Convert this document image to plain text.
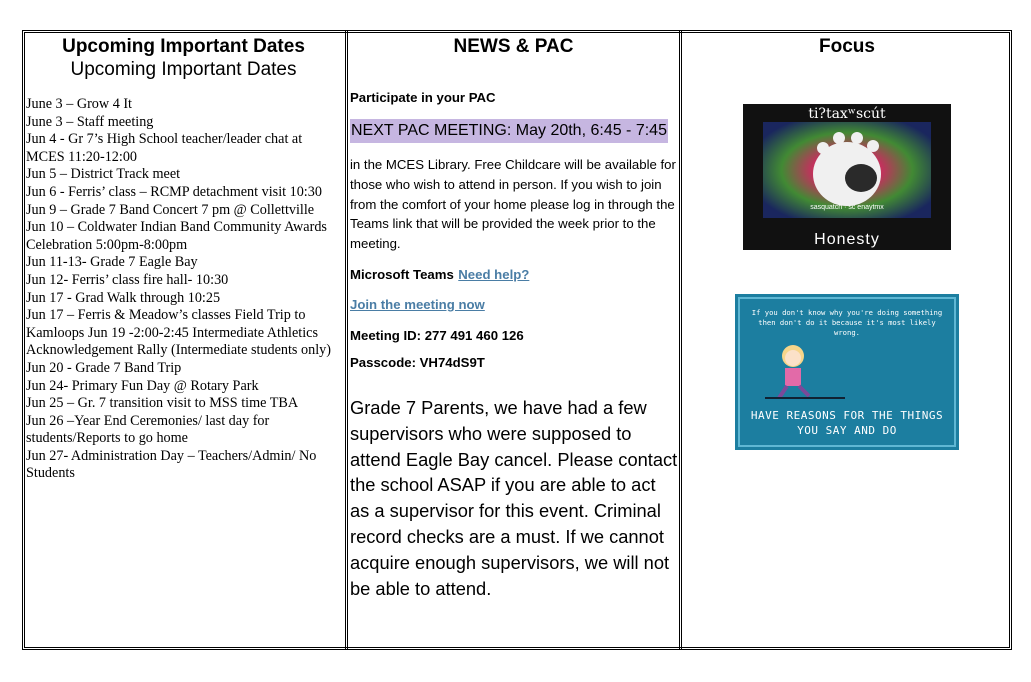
Upcoming Important Dates
Upcoming Important Dates
June 3 – Grow 4 It
June 3 – Staff meeting
Jun 4 - Gr 7’s High School teacher/leader chat at MCES 11:20-12:00
Jun 5 – District Track meet
Jun 6 - Ferris’ class – RCMP detachment visit 10:30
Jun 9 – Grade 7 Band Concert 7 pm @ Collettville
Jun 10 – Coldwater Indian Band Community Awards Celebration 5:00pm-8:00pm
Jun 11-13- Grade 7 Eagle Bay
Jun 12- Ferris’ class fire hall- 10:30
Jun 17 - Grad Walk through 10:25
Jun 17 – Ferris & Meadow’s classes Field Trip to Kamloops Jun 19 -2:00-2:45 Intermediate Athletics Acknowledgement Rally (Intermediate students only)
Jun 20 - Grade 7 Band Trip
Jun 24- Primary Fun Day @ Rotary Park
Jun 25 – Gr. 7 transition visit to MSS time TBA
Jun 26 –Year End Ceremonies/ last day for students/Reports to go home
Jun 27- Administration Day – Teachers/Admin/ No Students
NEWS & PAC
Participate in your PAC
NEXT PAC MEETING: May 20th, 6:45 - 7:45
in the MCES Library. Free Childcare will be available for those who wish to attend in person. If you wish to join from the comfort of your home please log in through the Teams link that will be provided the week prior to the meeting.
Microsoft Teams Need help?
Join the meeting now
Meeting ID: 277 491 460 126
Passcode: VH74dS9T
Grade 7 Parents, we have had a few supervisors who were supposed to attend Eagle Bay cancel. Please contact the school ASAP if you are able to act as a supervisor for this event. Criminal record checks are a must. If we cannot acquire enough supervisors, we will not be able to attend.
Focus
ti?taxʷscút
sasquatch · sc enaytmx
Honesty
If you don't know why you're doing something then don't do it because it's most likely wrong.
HAVE REASONS FOR THE THINGS YOU SAY AND DO
